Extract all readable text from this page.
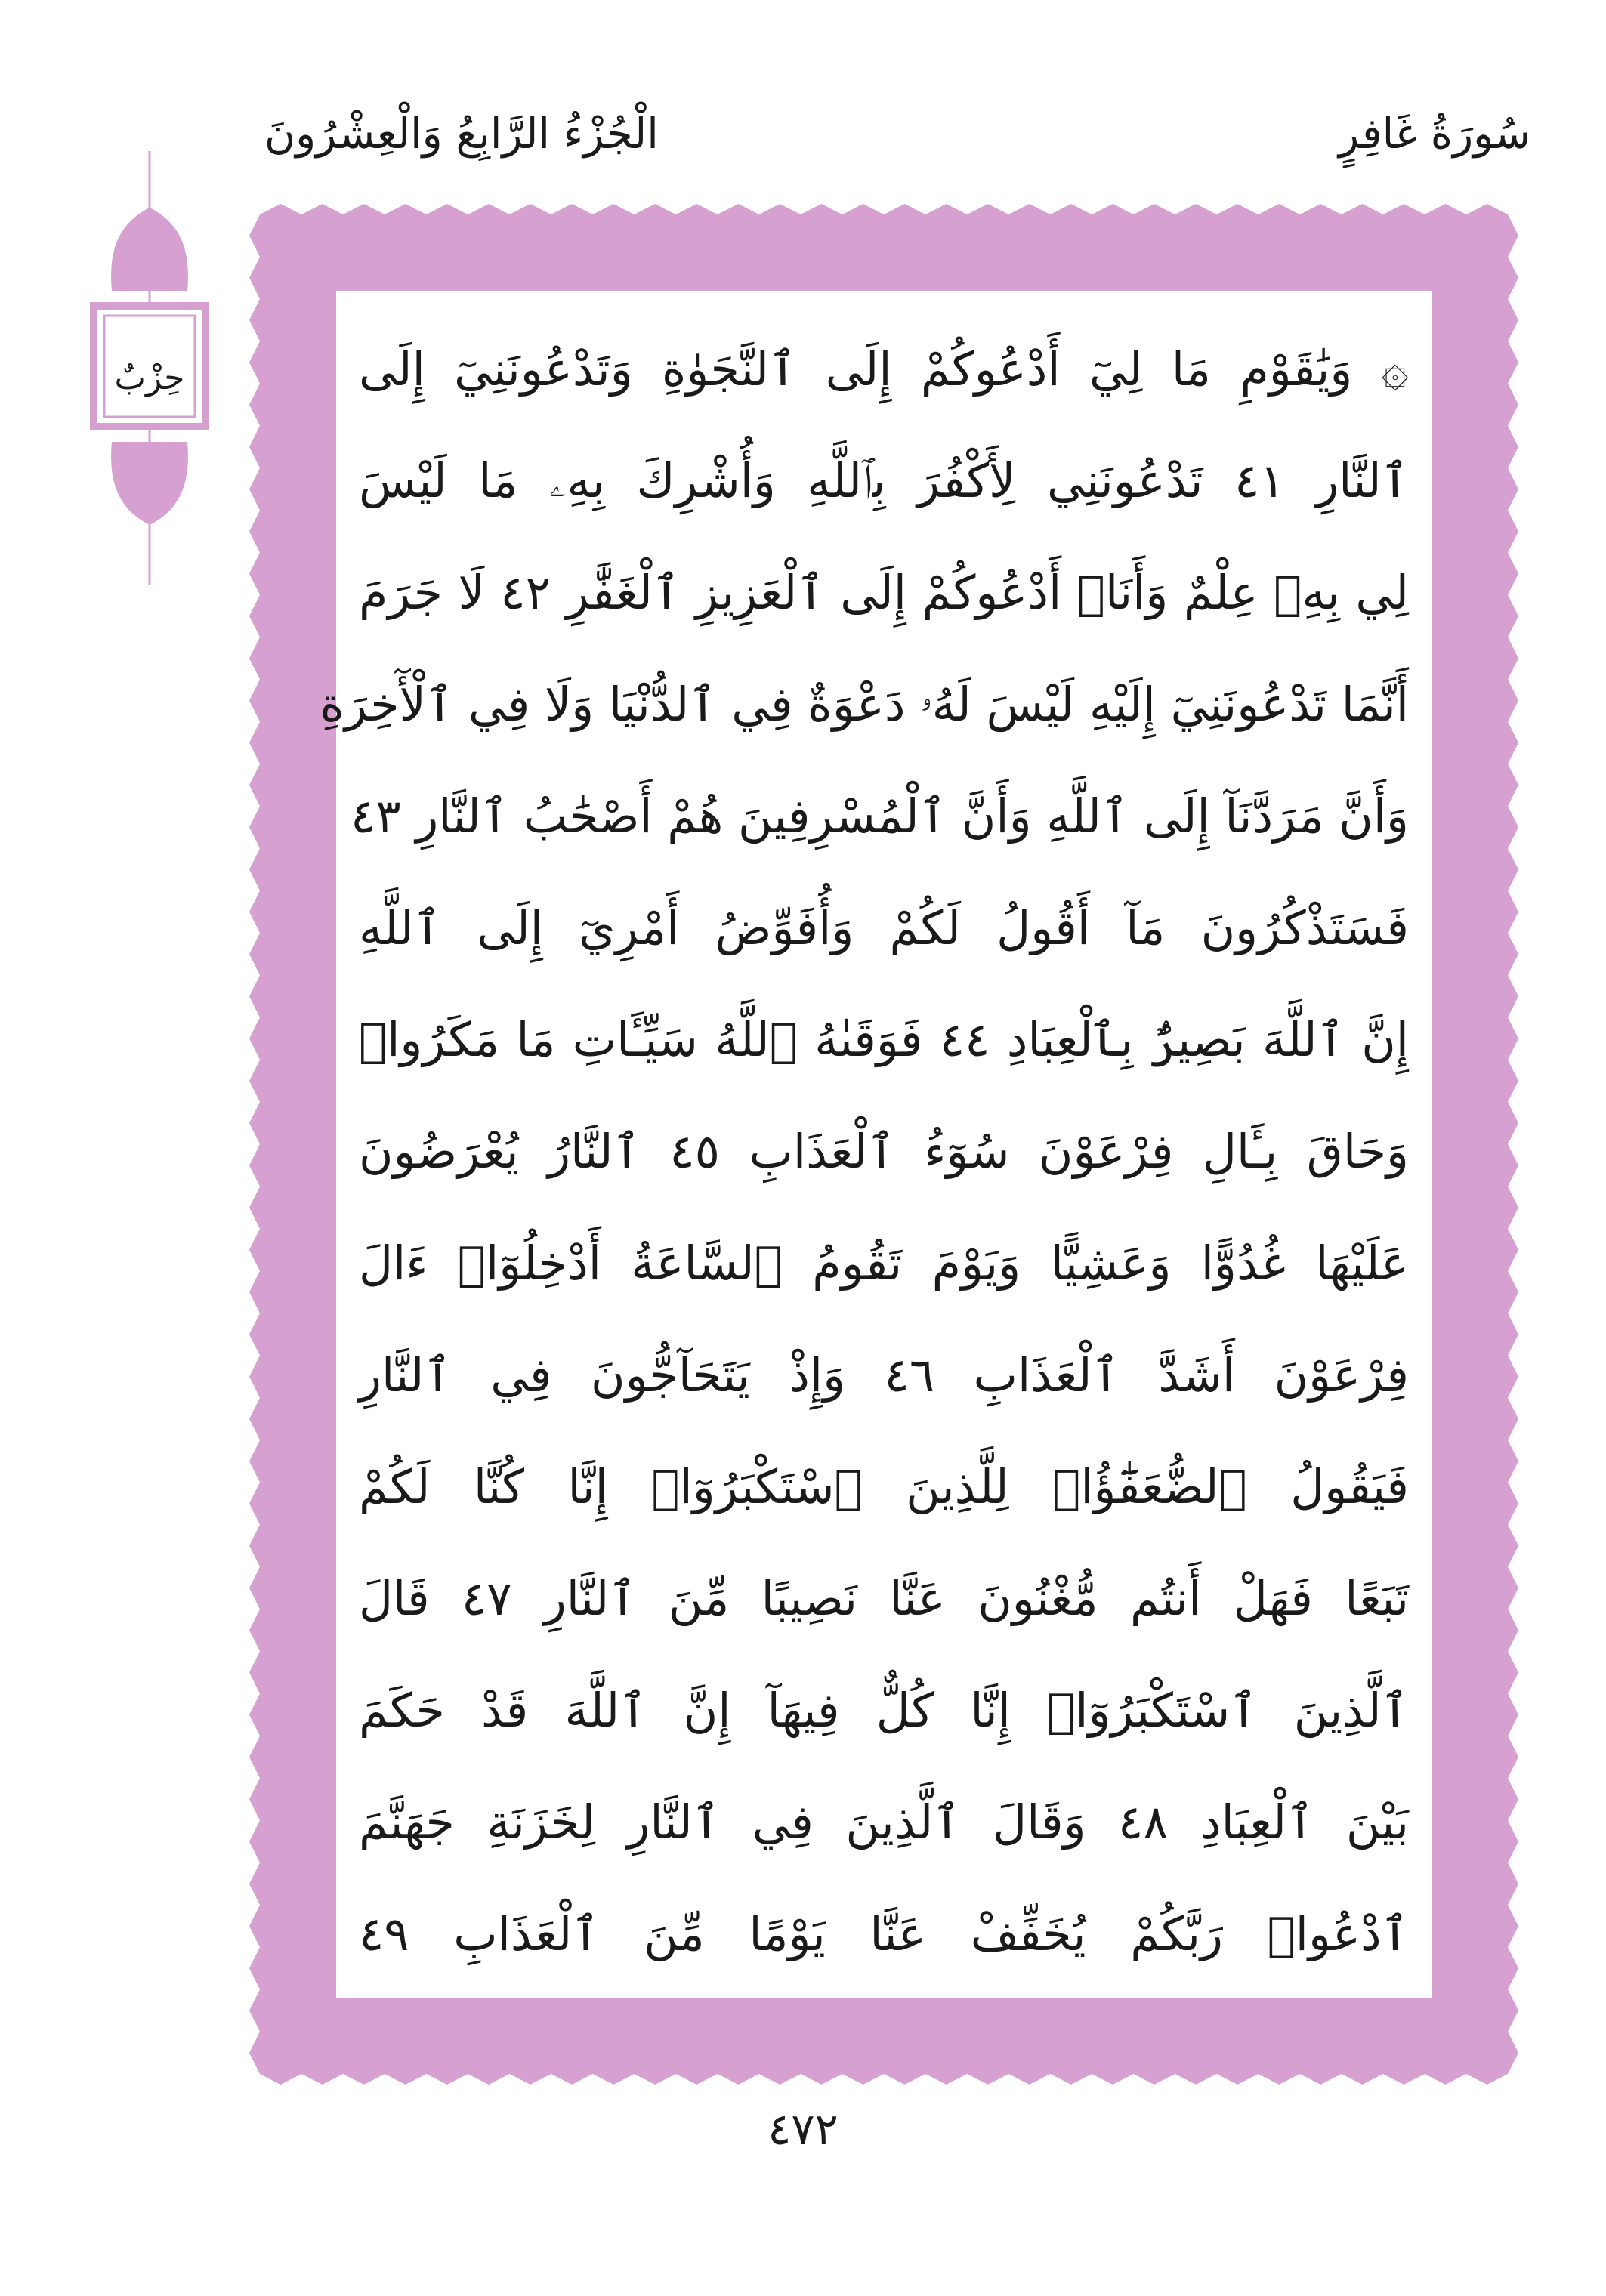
سُورَةُ غَافِرٍ
الْجُزْءُ الرَّابِعُ وَالْعِشْرُونَ
حِزْبٌ	۞ وَيَٰقَوْمِ مَا لِيٓ أَدْعُوكُمْ إِلَى ٱلنَّجَوٰةِ وَتَدْعُونَنِيٓ إِلَى
ٱلنَّارِ ٤١ تَدْعُونَنِي لِأَكْفُرَ بِٱللَّهِ وَأُشْرِكَ بِهِۦ مَا لَيْسَ
لِي بِهِۦ عِلْمٌ وَأَنَا۠ أَدْعُوكُمْ إِلَى ٱلْعَزِيزِ ٱلْغَفَّٰرِ ٤٢ لَا جَرَمَ
أَنَّمَا تَدْعُونَنِيٓ إِلَيْهِ لَيْسَ لَهُۥ دَعْوَةٌ فِي ٱلدُّنْيَا وَلَا فِي ٱلْأٓخِرَةِ
وَأَنَّ مَرَدَّنَآ إِلَى ٱللَّهِ وَأَنَّ ٱلْمُسْرِفِينَ هُمْ أَصْحَٰبُ ٱلنَّارِ ٤٣
فَسَتَذْكُرُونَ مَآ أَقُولُ لَكُمْ وَأُفَوِّضُ أَمْرِيٓ إِلَى ٱللَّهِ
إِنَّ ٱللَّهَ بَصِيرٌۢ بِٱلْعِبَادِ ٤٤ فَوَقَىٰهُ ٱللَّهُ سَيِّـَٔاتِ مَا مَكَرُوا۟
وَحَاقَ بِـَٔالِ فِرْعَوْنَ سُوٓءُ ٱلْعَذَابِ ٤٥ ٱلنَّارُ يُعْرَضُونَ
عَلَيْهَا غُدُوًّا وَعَشِيًّا وَيَوْمَ تَقُومُ ٱلسَّاعَةُ أَدْخِلُوٓا۟ ءَالَ
فِرْعَوْنَ أَشَدَّ ٱلْعَذَابِ ٤٦ وَإِذْ يَتَحَآجُّونَ فِي ٱلنَّارِ
فَيَقُولُ ٱلضُّعَفَٰٓؤُا۟ لِلَّذِينَ ٱسْتَكْبَرُوٓا۟ إِنَّا كُنَّا لَكُمْ
تَبَعًا فَهَلْ أَنتُم مُّغْنُونَ عَنَّا نَصِيبًا مِّنَ ٱلنَّارِ ٤٧ قَالَ
ٱلَّذِينَ ٱسْتَكْبَرُوٓا۟ إِنَّا كُلٌّ فِيهَآ إِنَّ ٱللَّهَ قَدْ حَكَمَ
بَيْنَ ٱلْعِبَادِ ٤٨ وَقَالَ ٱلَّذِينَ فِي ٱلنَّارِ لِخَزَنَةِ جَهَنَّمَ
ٱدْعُوا۟ رَبَّكُمْ يُخَفِّفْ عَنَّا يَوْمًا مِّنَ ٱلْعَذَابِ ٤٩
٤٧٢
